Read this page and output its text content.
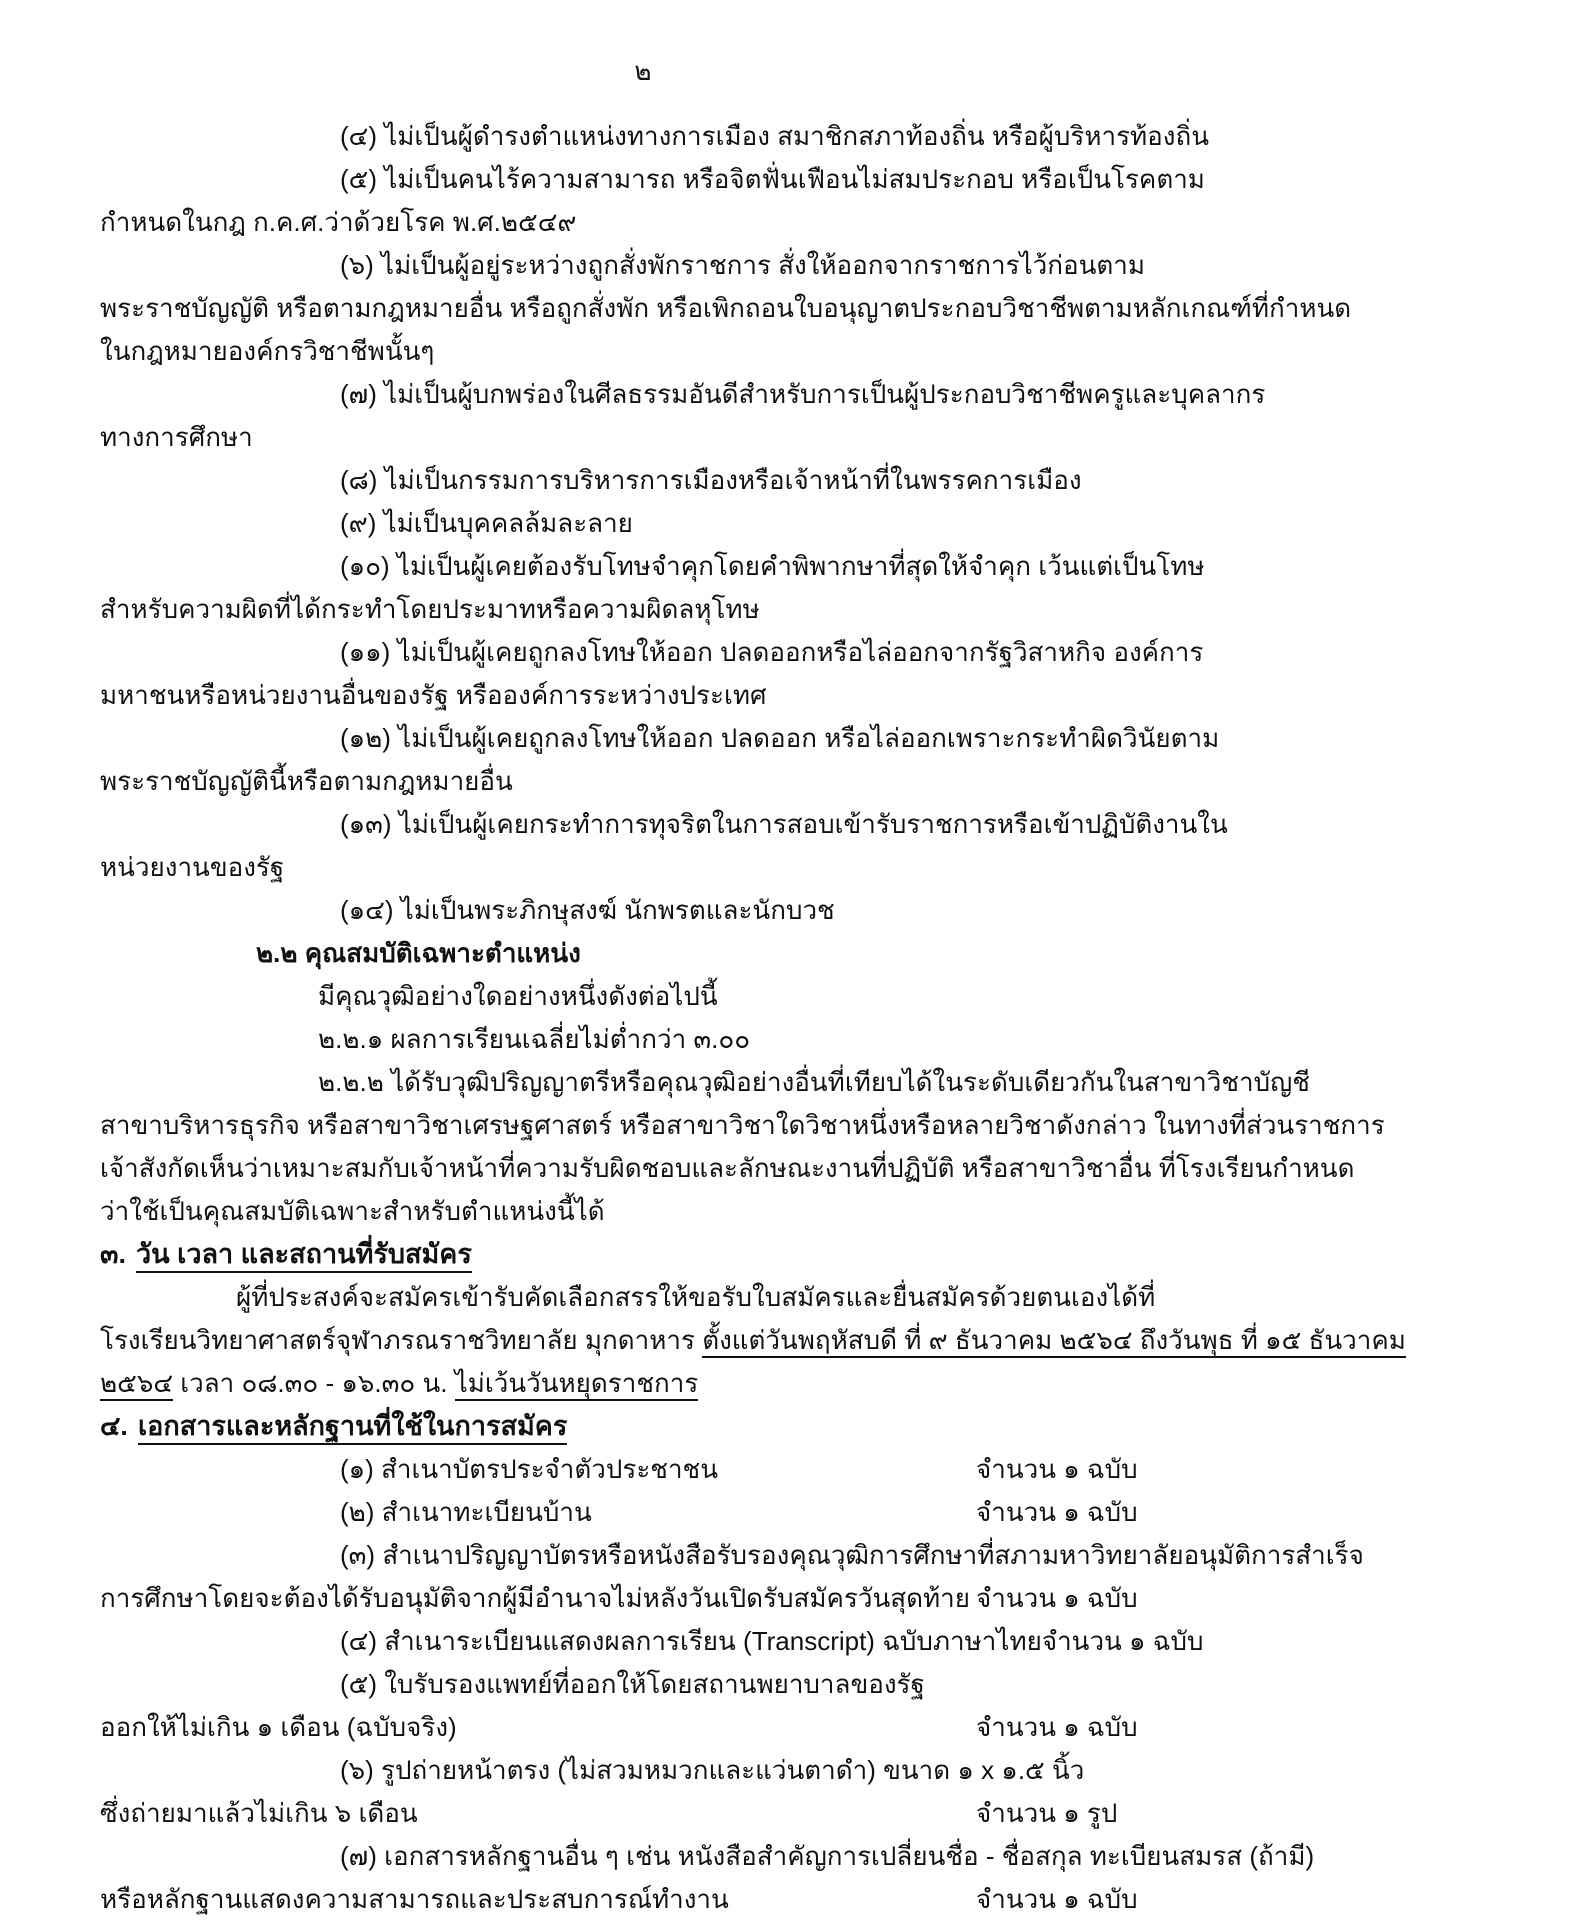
๒
(๔) ไม่เป็นผู้ดำรงตำแหน่งทางการเมือง สมาชิกสภาท้องถิ่น หรือผู้บริหารท้องถิ่น
(๕) ไม่เป็นคนไร้ความสามารถ หรือจิตฟั่นเฟือนไม่สมประกอบ หรือเป็นโรคตาม
กำหนดในกฎ ก.ค.ศ.ว่าด้วยโรค พ.ศ.๒๕๔๙
(๖) ไม่เป็นผู้อยู่ระหว่างถูกสั่งพักราชการ สั่งให้ออกจากราชการไว้ก่อนตาม
พระราชบัญญัติ หรือตามกฎหมายอื่น หรือถูกสั่งพัก หรือเพิกถอนใบอนุญาตประกอบวิชาชีพตามหลักเกณฑ์ที่กำหนด
ในกฎหมายองค์กรวิชาชีพนั้นๆ
(๗) ไม่เป็นผู้บกพร่องในศีลธรรมอันดีสำหรับการเป็นผู้ประกอบวิชาชีพครูและบุคลากร
ทางการศึกษา
(๘) ไม่เป็นกรรมการบริหารการเมืองหรือเจ้าหน้าที่ในพรรคการเมือง
(๙) ไม่เป็นบุคคลล้มละลาย
(๑๐) ไม่เป็นผู้เคยต้องรับโทษจำคุกโดยคำพิพากษาที่สุดให้จำคุก เว้นแต่เป็นโทษ
สำหรับความผิดที่ได้กระทำโดยประมาทหรือความผิดลหุโทษ
(๑๑) ไม่เป็นผู้เคยถูกลงโทษให้ออก ปลดออกหรือไล่ออกจากรัฐวิสาหกิจ องค์การ
มหาชนหรือหน่วยงานอื่นของรัฐ หรือองค์การระหว่างประเทศ
(๑๒) ไม่เป็นผู้เคยถูกลงโทษให้ออก ปลดออก หรือไล่ออกเพราะกระทำผิดวินัยตาม
พระราชบัญญัตินี้หรือตามกฎหมายอื่น
(๑๓) ไม่เป็นผู้เคยกระทำการทุจริตในการสอบเข้ารับราชการหรือเข้าปฏิบัติงานใน
หน่วยงานของรัฐ
(๑๔) ไม่เป็นพระภิกษุสงฆ์ นักพรตและนักบวช
๒.๒ คุณสมบัติเฉพาะตำแหน่ง
มีคุณวุฒิอย่างใดอย่างหนึ่งดังต่อไปนี้
๒.๒.๑ ผลการเรียนเฉลี่ยไม่ต่ำกว่า ๓.๐๐
๒.๒.๒ ได้รับวุฒิปริญญาตรีหรือคุณวุฒิอย่างอื่นที่เทียบได้ในระดับเดียวกันในสาขาวิชาบัญชี
สาขาบริหารธุรกิจ หรือสาขาวิชาเศรษฐศาสตร์ หรือสาขาวิชาใดวิชาหนึ่งหรือหลายวิชาดังกล่าว ในทางที่ส่วนราชการ
เจ้าสังกัดเห็นว่าเหมาะสมกับเจ้าหน้าที่ความรับผิดชอบและลักษณะงานที่ปฏิบัติ หรือสาขาวิชาอื่น ที่โรงเรียนกำหนด
ว่าใช้เป็นคุณสมบัติเฉพาะสำหรับตำแหน่งนี้ได้
๓. วัน เวลา และสถานที่รับสมัคร
ผู้ที่ประสงค์จะสมัครเข้ารับคัดเลือกสรรให้ขอรับใบสมัครและยื่นสมัครด้วยตนเองได้ที่
โรงเรียนวิทยาศาสตร์จุฬาภรณราชวิทยาลัย มุกดาหาร ตั้งแต่วันพฤหัสบดี ที่ ๙ ธันวาคม ๒๕๖๔ ถึงวันพุธ ที่ ๑๕ ธันวาคม
๒๕๖๔ เวลา ๐๘.๓๐ - ๑๖.๓๐ น. ไม่เว้นวันหยุดราชการ
๔. เอกสารและหลักฐานที่ใช้ในการสมัคร
(๑) สำเนาบัตรประจำตัวประชาชน	จำนวน ๑ ฉบับ
(๒) สำเนาทะเบียนบ้าน	จำนวน ๑ ฉบับ
(๓) สำเนาปริญญาบัตรหรือหนังสือรับรองคุณวุฒิการศึกษาที่สภามหาวิทยาลัยอนุมัติการสำเร็จ
การศึกษาโดยจะต้องได้รับอนุมัติจากผู้มีอำนาจไม่หลังวันเปิดรับสมัครวันสุดท้าย จำนวน ๑ ฉบับ
(๔) สำเนาระเบียนแสดงผลการเรียน (Transcript) ฉบับภาษาไทย จำนวน ๑ ฉบับ
(๕) ใบรับรองแพทย์ที่ออกให้โดยสถานพยาบาลของรัฐ
ออกให้ไม่เกิน ๑ เดือน (ฉบับจริง)	จำนวน ๑ ฉบับ
(๖) รูปถ่ายหน้าตรง (ไม่สวมหมวกและแว่นตาดำ) ขนาด ๑ x ๑.๕ นิ้ว
ซึ่งถ่ายมาแล้วไม่เกิน ๖ เดือน	จำนวน ๑ รูป
(๗) เอกสารหลักฐานอื่น ๆ เช่น หนังสือสำคัญการเปลี่ยนชื่อ - ชื่อสกุล ทะเบียนสมรส (ถ้ามี)
หรือหลักฐานแสดงความสามารถและประสบการณ์ทำงาน	จำนวน ๑ ฉบับ
